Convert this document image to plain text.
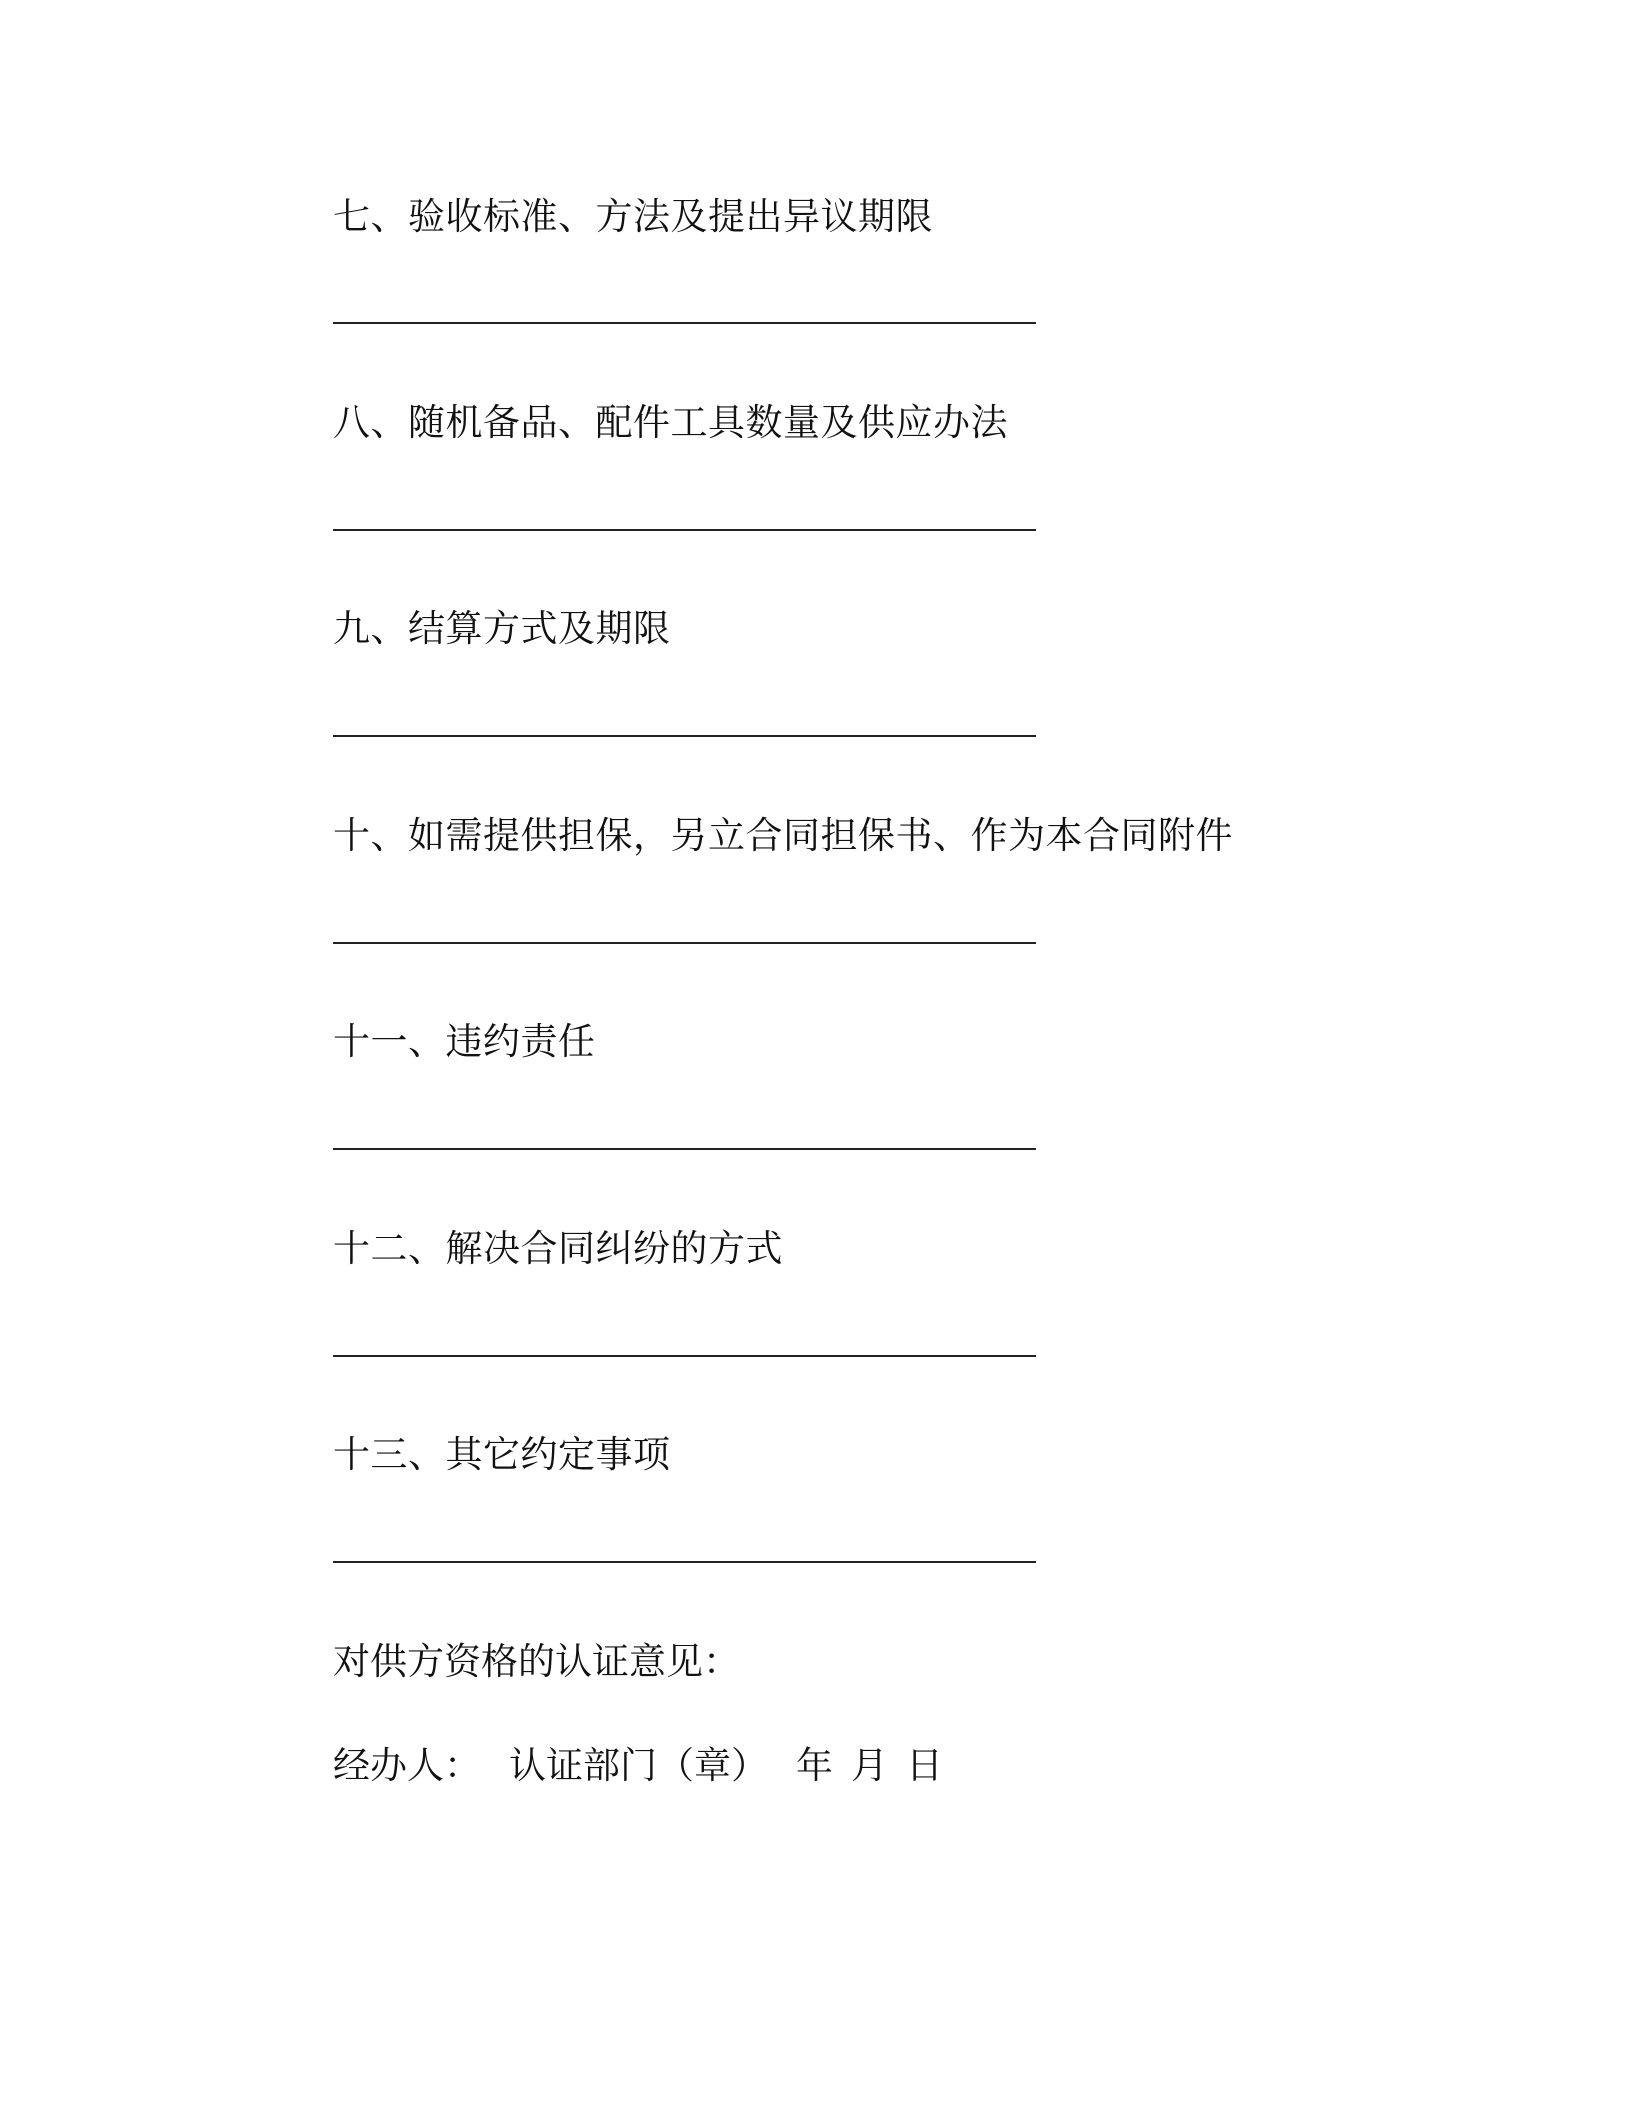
七、验收标准、方法及提出异议期限
八、随机备品、配件工具数量及供应办法
九、结算方式及期限
十、如需提供担保，另立合同担保书、作为本合同附件
十一、违约责任
十二、解决合同纠纷的方式
十三、其它约定事项
对供方资格的认证意见：
经办人： 认证部门（章） 年 月 日
